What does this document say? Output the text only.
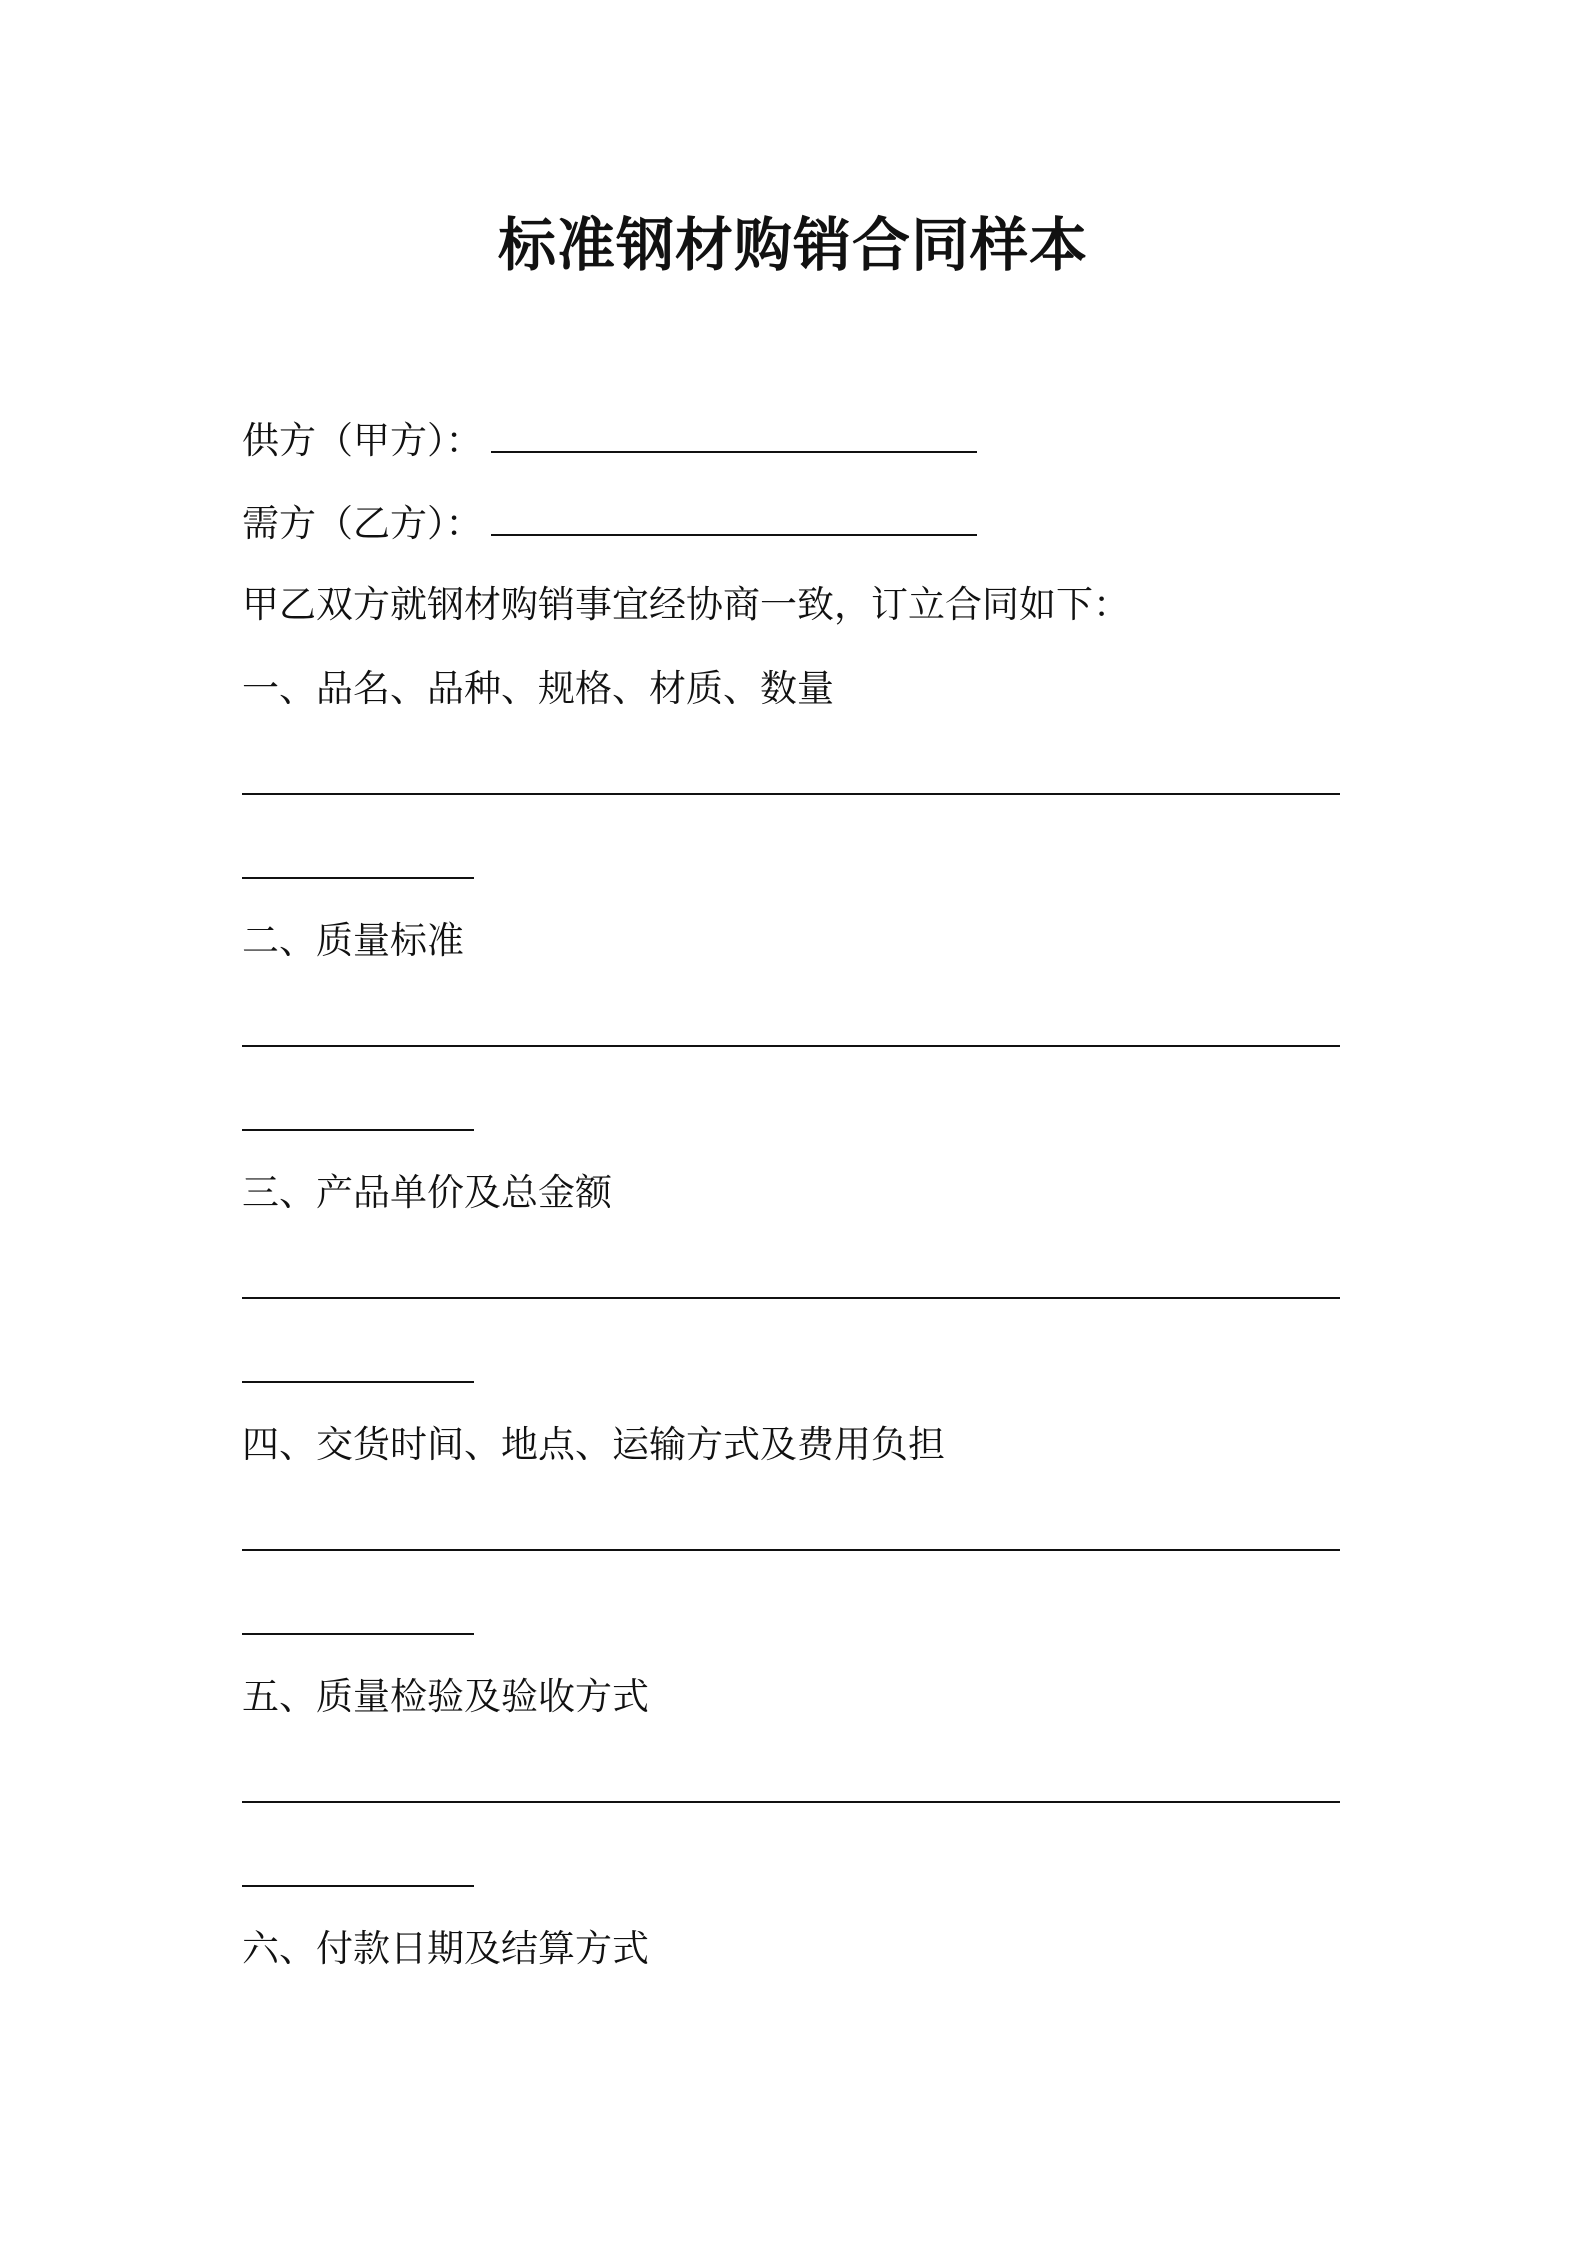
标准钢材购销合同样本
供方（甲方）：
需方（乙方）：
甲乙双方就钢材购销事宜经协商一致，订立合同如下：
一、品名、品种、规格、材质、数量
二、质量标准
三、产品单价及总金额
四、交货时间、地点、运输方式及费用负担
五、质量检验及验收方式
六、付款日期及结算方式
